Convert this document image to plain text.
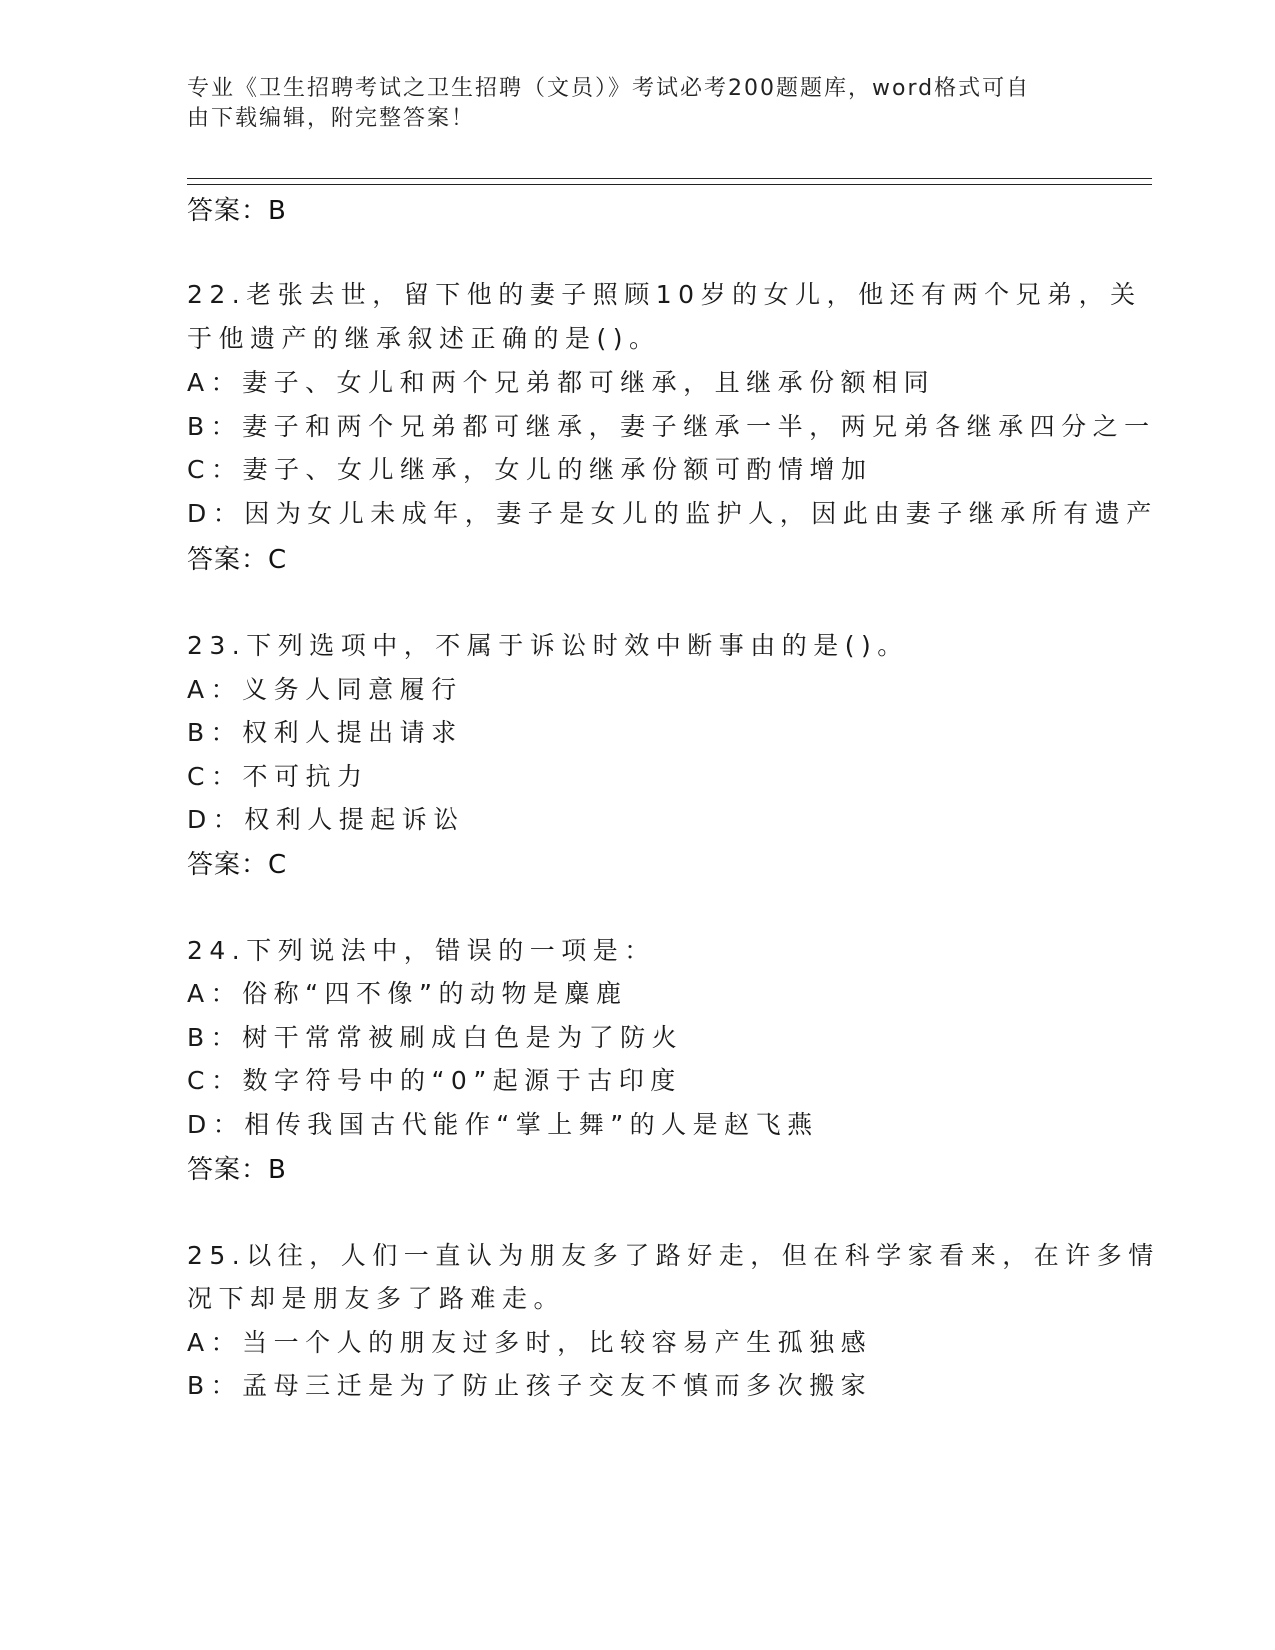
专业《卫生招聘考试之卫生招聘（文员）》考试必考200题题库，word格式可自
由下载编辑，附完整答案！
答案：B
22.老张去世，留下他的妻子照顾10岁的女儿，他还有两个兄弟，关
于他遗产的继承叙述正确的是()。
A：妻子、女儿和两个兄弟都可继承，且继承份额相同
B：妻子和两个兄弟都可继承，妻子继承一半，两兄弟各继承四分之一
C：妻子、女儿继承，女儿的继承份额可酌情增加
D：因为女儿未成年，妻子是女儿的监护人，因此由妻子继承所有遗产
答案：C
23.下列选项中，不属于诉讼时效中断事由的是()。
A：义务人同意履行
B：权利人提出请求
C：不可抗力
D：权利人提起诉讼
答案：C
24.下列说法中，错误的一项是：
A：俗称“四不像”的动物是麋鹿
B：树干常常被刷成白色是为了防火
C：数字符号中的“0”起源于古印度
D：相传我国古代能作“掌上舞”的人是赵飞燕
答案：B
25.以往，人们一直认为朋友多了路好走，但在科学家看来，在许多情
况下却是朋友多了路难走。
A：当一个人的朋友过多时，比较容易产生孤独感
B：孟母三迁是为了防止孩子交友不慎而多次搬家
